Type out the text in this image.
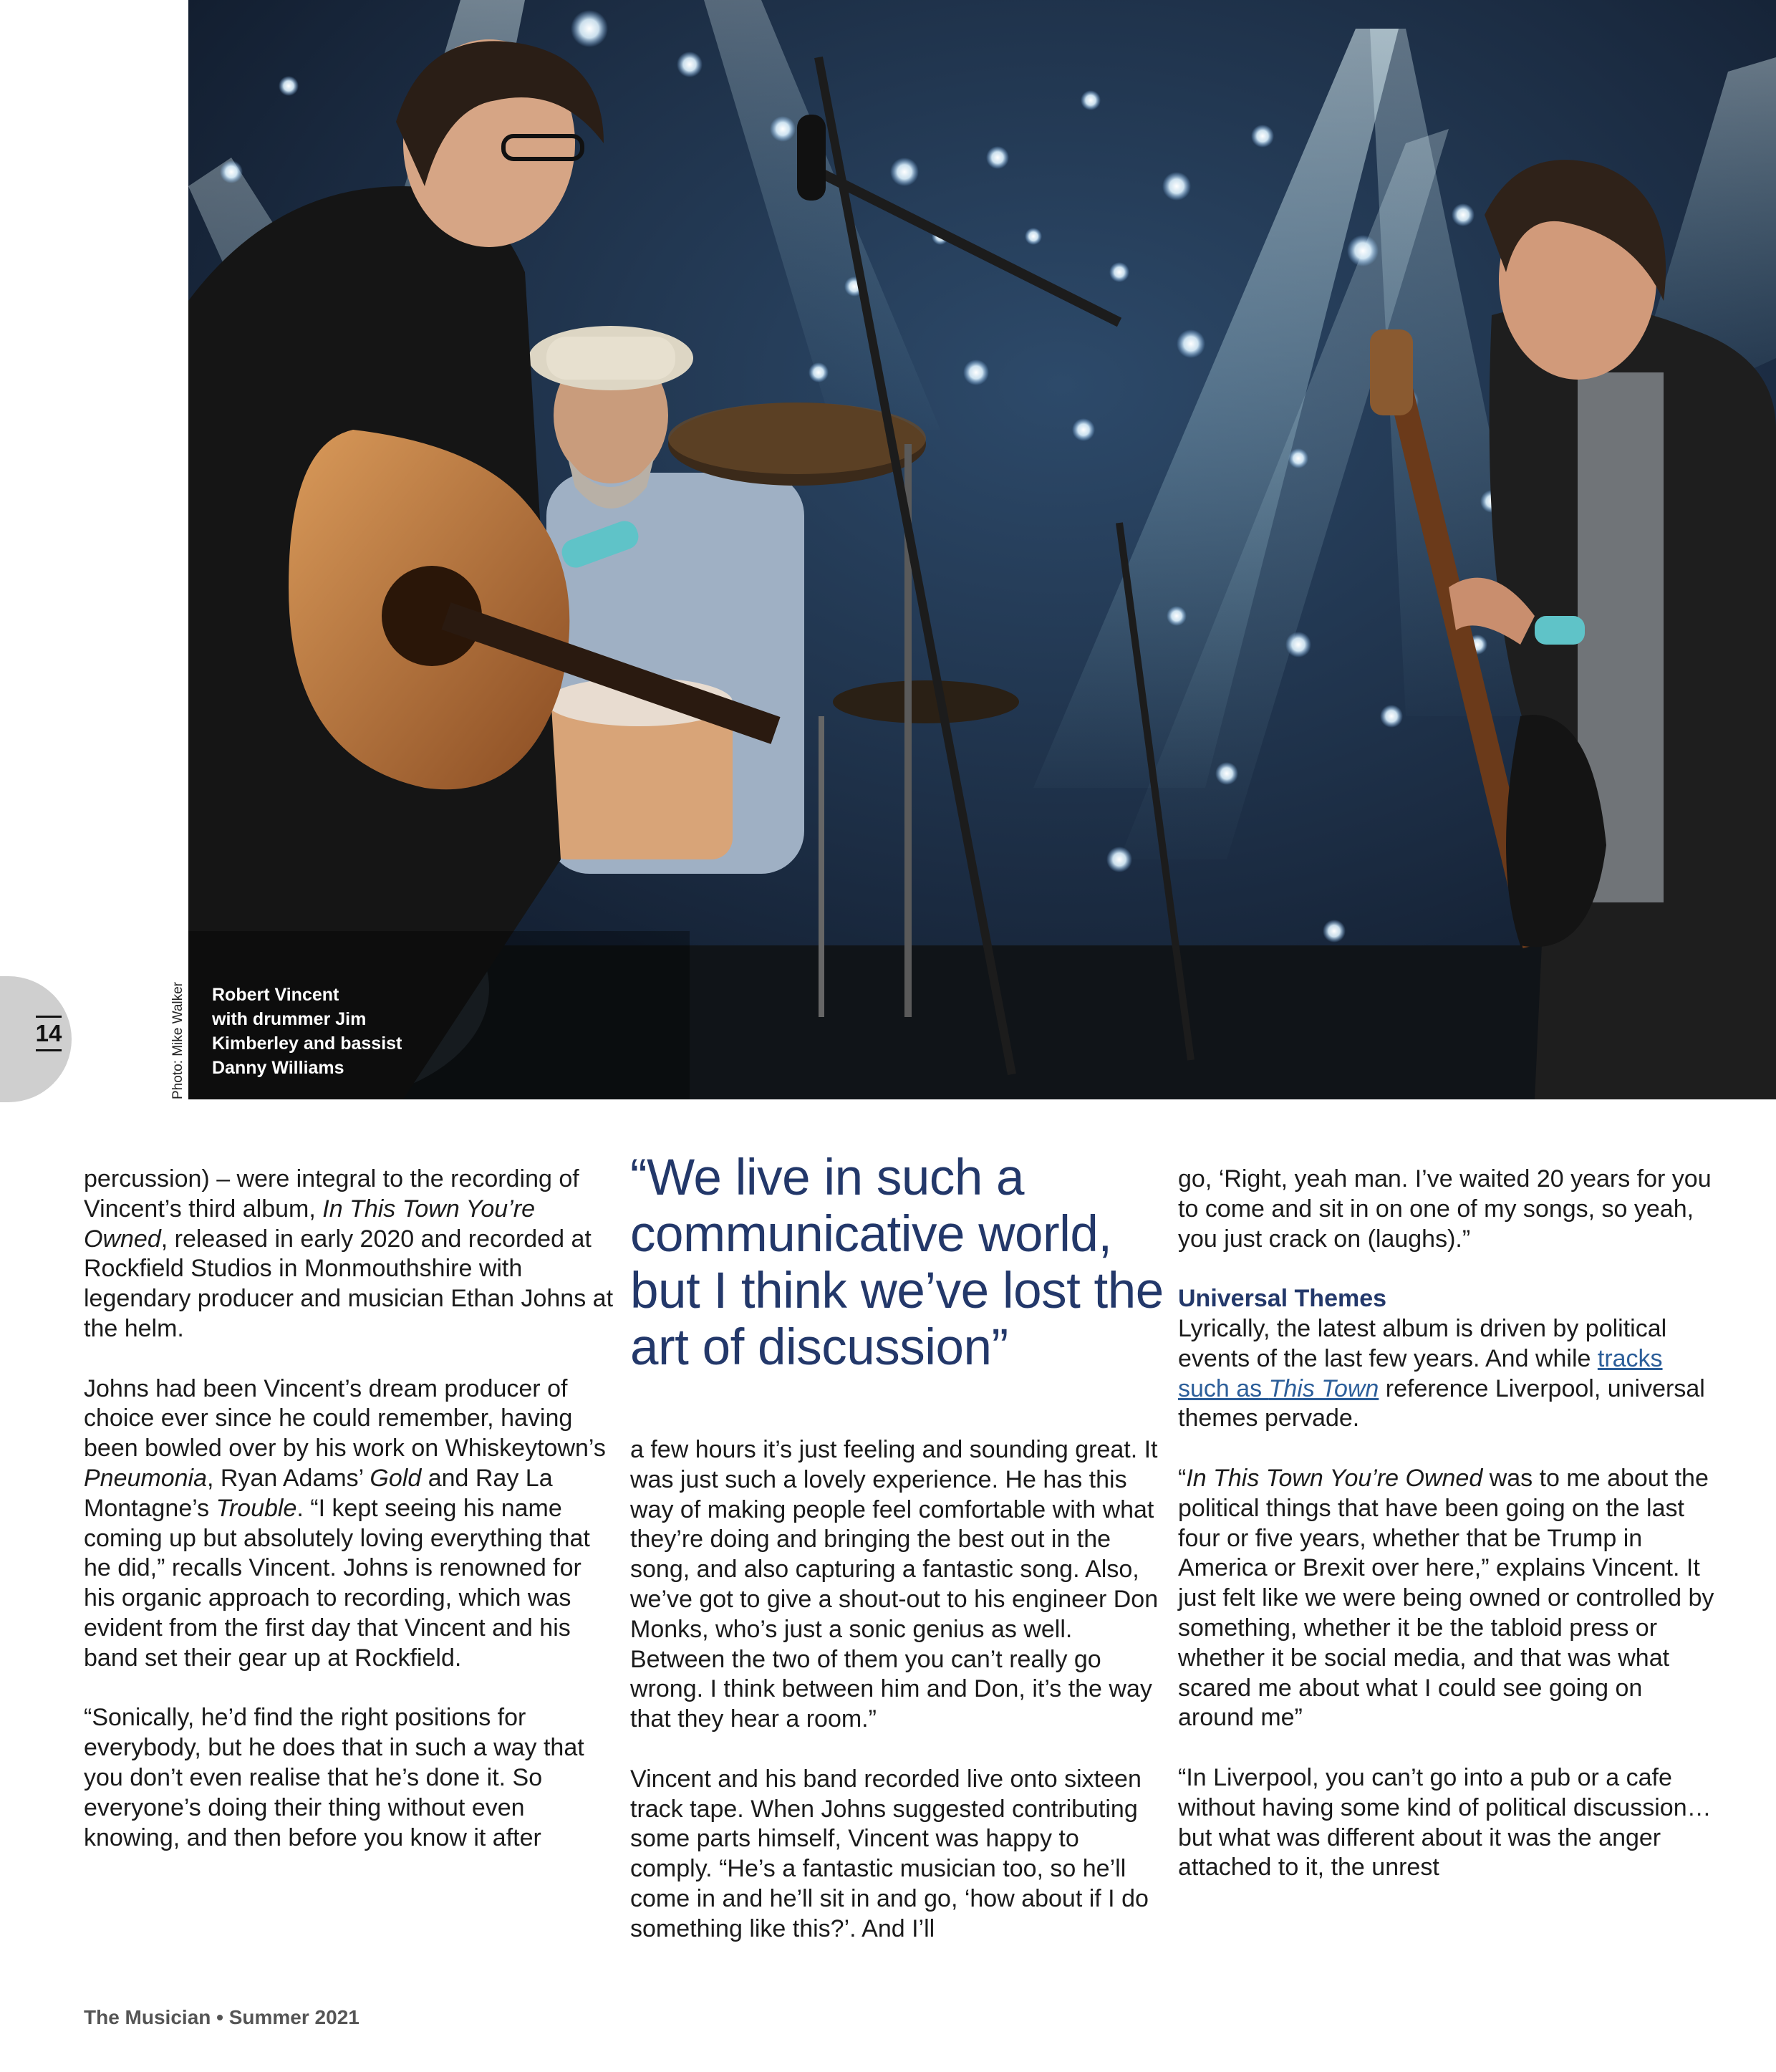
14	Photo: Mike Walker Robert Vincent
with drummer Jim
Kimberley and bassist
Danny Williams

percussion) – were integral to the recording of Vincent’s third album, In This Town You’re Owned, released in early 2020 and recorded at Rockfield Studios in Monmouthshire with legendary producer and musician Ethan Johns at the helm.

Johns had been Vincent’s dream producer of choice ever since he could remember, having been bowled over by his work on Whiskeytown’s Pneumonia, Ryan Adams’ Gold and Ray La Montagne’s Trouble. “I kept seeing his name coming up but absolutely loving everything that he did,” recalls Vincent. Johns is renowned for his organic approach to recording, which was evident from the first day that Vincent and his band set their gear up at Rockfield.

“Sonically, he’d find the right positions for everybody, but he does that in such a way that you don’t even realise that he’s done it. So everyone’s doing their thing without even knowing, and then before you know it after

“We live in such a communicative world, but I think we’ve lost the art of discussion”

a few hours it’s just feeling and sounding great. It was just such a lovely experience. He has this way of making people feel comfortable with what they’re doing and bringing the best out in the song, and also capturing a fantastic song. Also, we’ve got to give a shout-out to his engineer Don Monks, who’s just a sonic genius as well. Between the two of them you can’t really go wrong. I think between him and Don, it’s the way that they hear a room.”

Vincent and his band recorded live onto sixteen track tape. When Johns suggested contributing some parts himself, Vincent was happy to comply. “He’s a fantastic musician too, so he’ll come in and he’ll sit in and go, ‘how about if I do something like this?’. And I’ll

go, ‘Right, yeah man. I’ve waited 20 years for you to come and sit in on one of my songs, so yeah, you just crack on (laughs).”

Universal Themes
Lyrically, the latest album is driven by political events of the last few years. And while tracks such as This Town reference Liverpool, universal themes pervade.

“In This Town You’re Owned was to me about the political things that have been going on the last four or five years, whether that be Trump in America or Brexit over here,” explains Vincent. It just felt like we were being owned or controlled by something, whether it be the tabloid press or whether it be social media, and that was what scared me about what I could see going on around me”

“In Liverpool, you can’t go into a pub or a cafe without having some kind of political discussion… but what was different about it was the anger attached to it, the unrest

The Musician • Summer 2021
